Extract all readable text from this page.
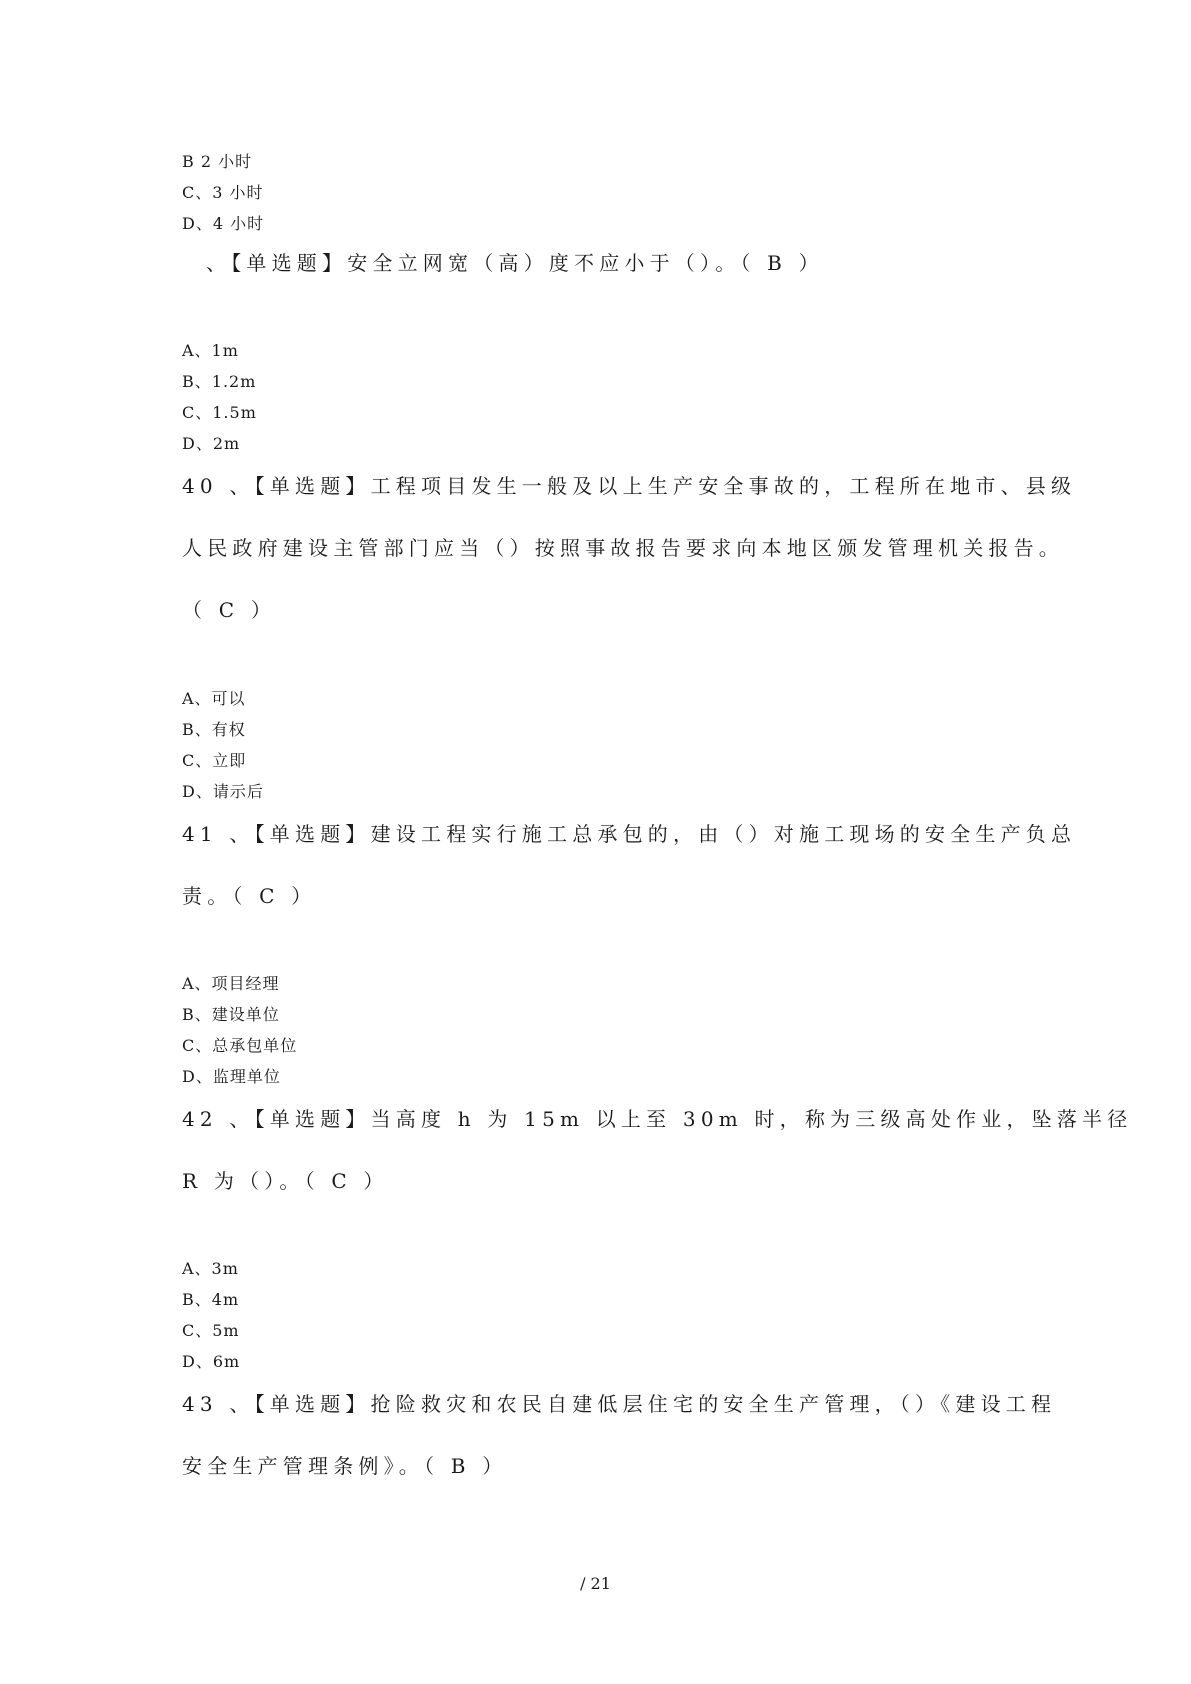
B 2 小时
C、3 小时
D、4 小时
、【单选题】安全立网宽（高）度不应小于（）。（ B ）
A、1m
B、1.2m
C、1.5m
D、2m
40 、【单选题】工程项目发生一般及以上生产安全事故的，工程所在地市、县级
人民政府建设主管部门应当（）按照事故报告要求向本地区颁发管理机关报告。
（ C ）
A、可以
B、有权
C、立即
D、请示后
41 、【单选题】建设工程实行施工总承包的，由（）对施工现场的安全生产负总
责。（ C ）
A、项目经理
B、建设单位
C、总承包单位
D、监理单位
42 、【单选题】当高度 h 为 15m 以上至 30m 时，称为三级高处作业，坠落半径
R 为（）。（ C ）
A、3m
B、4m
C、5m
D、6m
43 、【单选题】抢险救灾和农民自建低层住宅的安全生产管理，（）《建设工程
安全生产管理条例》。（ B ）
/ 21
